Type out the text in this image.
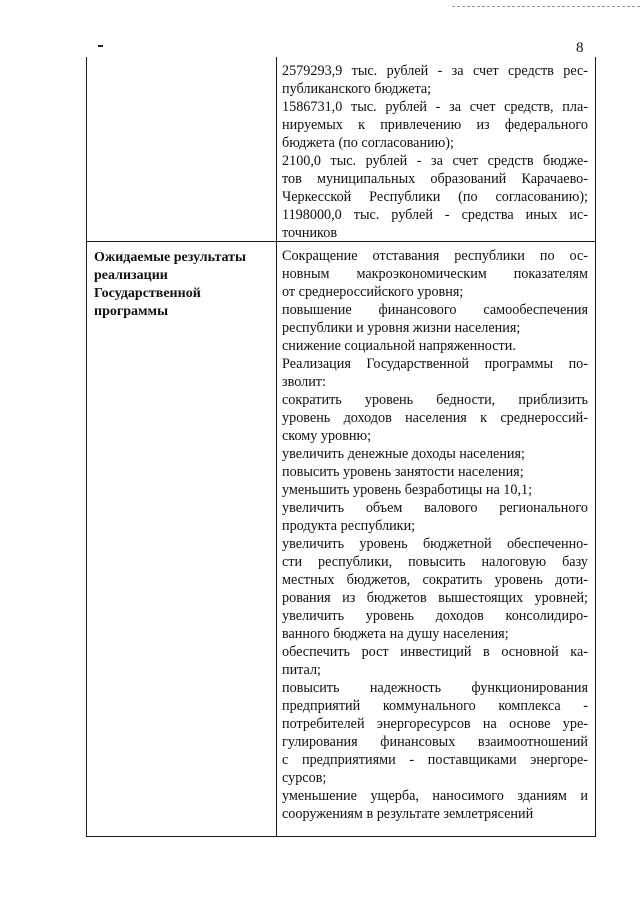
8
2579293,9 тыс. рублей - за счет средств рес-
публиканского бюджета;
1586731,0 тыс. рублей - за счет средств, пла-
нируемых к привлечению из федерального
бюджета (по согласованию);
2100,0 тыс. рублей - за счет средств бюдже-
тов муниципальных образований Карачаево-
Черкесской Республики (по согласованию);
1198000,0 тыс. рублей - средства иных ис-
точников
Ожидаемые результаты
реализации
Государственной
программы
Сокращение отставания республики по ос-
новным макроэкономическим показателям
от среднероссийского уровня;
повышение финансового самообеспечения
республики и уровня жизни населения;
снижение социальной напряженности.
Реализация Государственной программы по-
зволит:
сократить уровень бедности, приблизить
уровень доходов населения к среднероссий-
скому уровню;
увеличить денежные доходы населения;
повысить уровень занятости населения;
уменьшить уровень безработицы на 10,1;
увеличить объем валового регионального
продукта республики;
увеличить уровень бюджетной обеспеченно-
сти республики, повысить налоговую базу
местных бюджетов, сократить уровень дoти-
рования из бюджетов вышестоящих уровней;
увеличить уровень доходов консолидиро-
ванного бюджета на душу населения;
обеспечить рост инвестиций в основной ка-
питал;
повысить надежность функционирования
предприятий коммунального комплекса -
потребителей энергоресурсов на основе уре-
гулирования финансовых взаимоотношений
с предприятиями - поставщиками энергоре-
сурсов;
уменьшение ущерба, наносимого зданиям и
сооружениям в результате землетрясений
